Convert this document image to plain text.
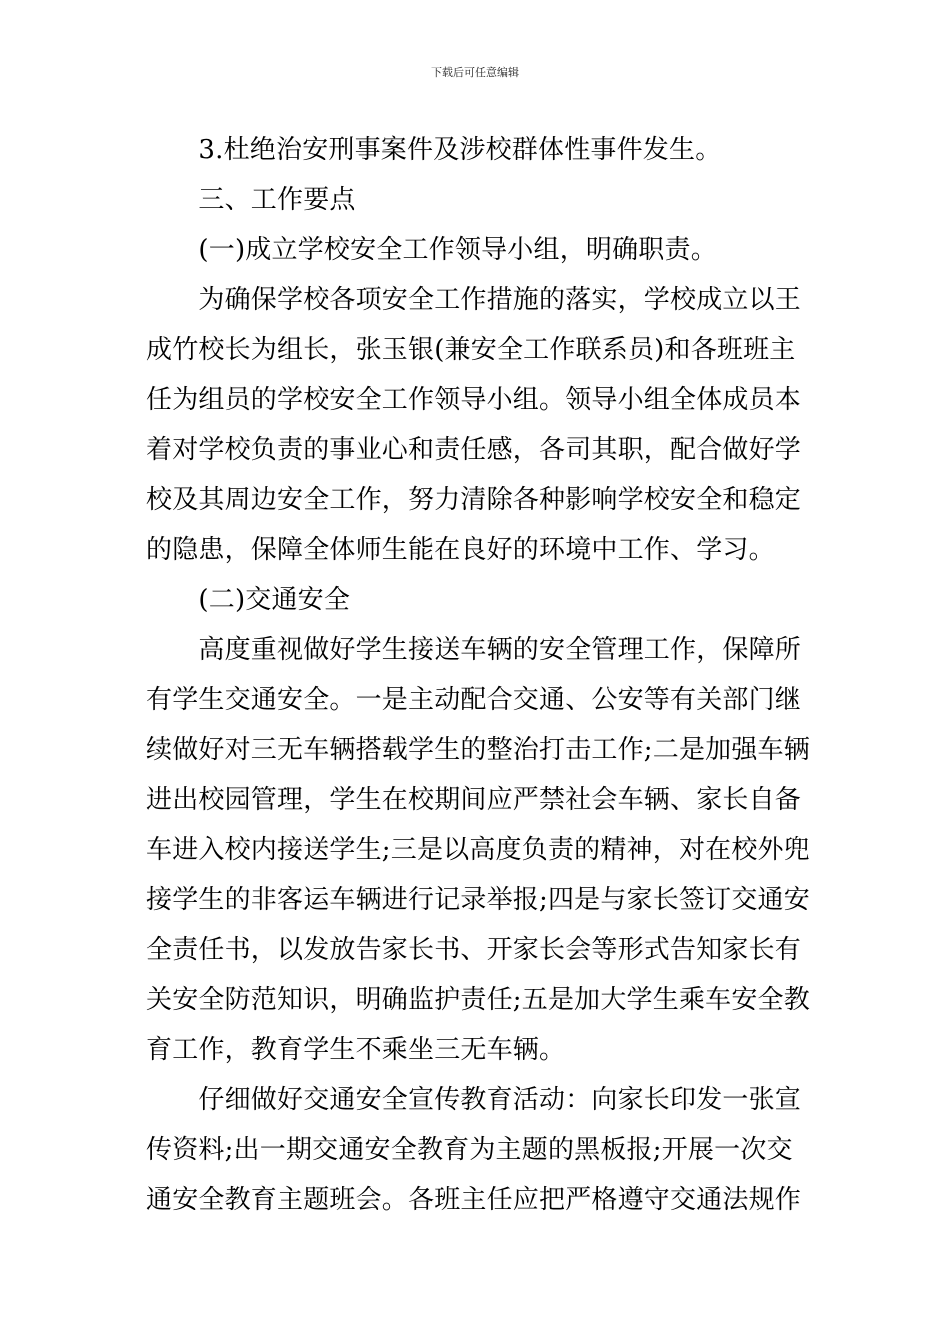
下载后可任意编辑
　　3.杜绝治安刑事案件及涉校群体性事件发生。
　　三、工作要点
　　(一)成立学校安全工作领导小组，明确职责。
　　为确保学校各项安全工作措施的落实，学校成立以王
成竹校长为组长，张玉银(兼安全工作联系员)和各班班主
任为组员的学校安全工作领导小组。领导小组全体成员本
着对学校负责的事业心和责任感，各司其职，配合做好学
校及其周边安全工作，努力清除各种影响学校安全和稳定
的隐患，保障全体师生能在良好的环境中工作、学习。
　　(二)交通安全
　　高度重视做好学生接送车辆的安全管理工作，保障所
有学生交通安全。一是主动配合交通、公安等有关部门继
续做好对三无车辆搭载学生的整治打击工作;二是加强车辆
进出校园管理，学生在校期间应严禁社会车辆、家长自备
车进入校内接送学生;三是以高度负责的精神，对在校外兜
接学生的非客运车辆进行记录举报;四是与家长签订交通安
全责任书，以发放告家长书、开家长会等形式告知家长有
关安全防范知识，明确监护责任;五是加大学生乘车安全教
育工作，教育学生不乘坐三无车辆。
　　仔细做好交通安全宣传教育活动：向家长印发一张宣
传资料;出一期交通安全教育为主题的黑板报;开展一次交
通安全教育主题班会。各班主任应把严格遵守交通法规作
